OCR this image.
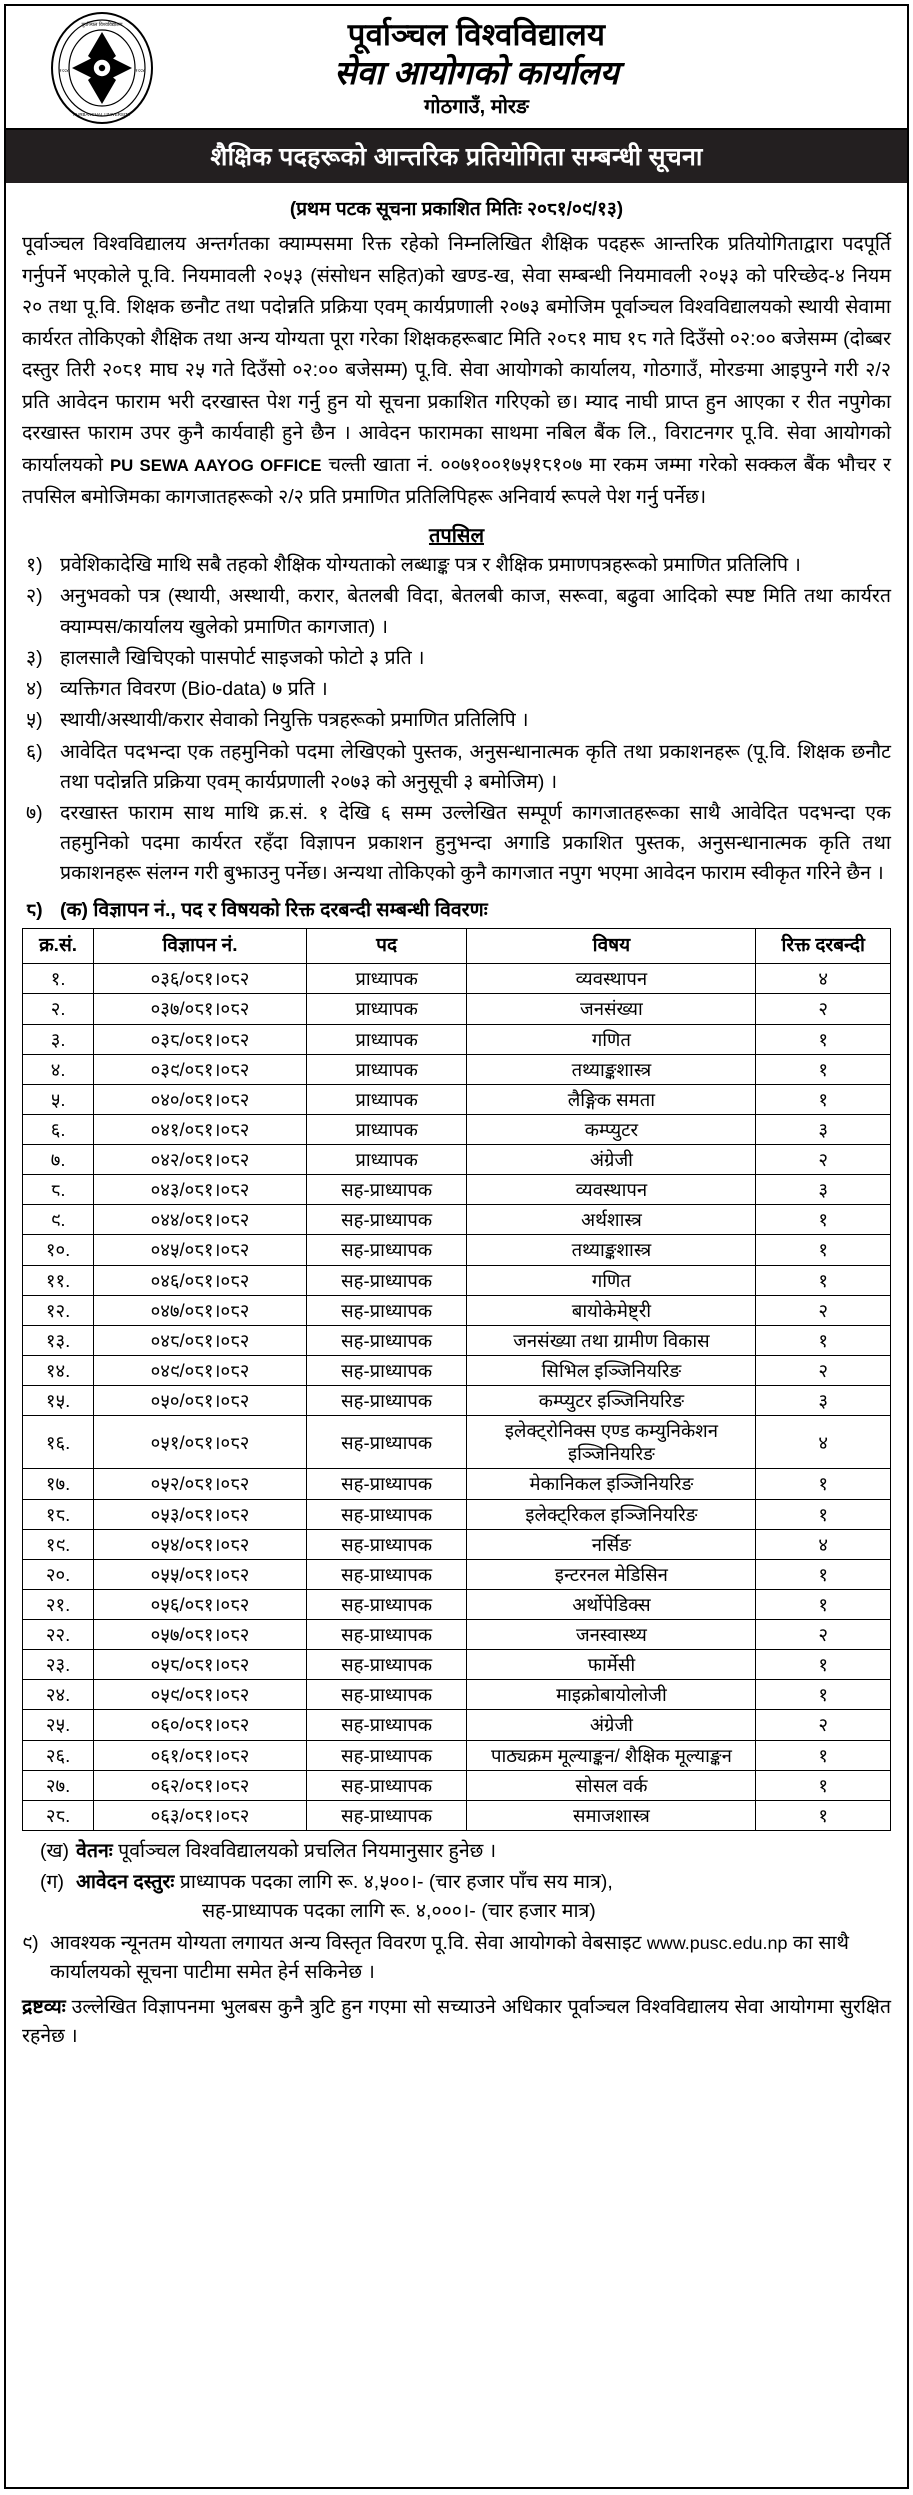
पूर्वाञ्चल विश्वविद्यालय
PURBANCHAL UNIVERSITY
१९९४	१९९४
पूर्वाञ्चल विश्वविद्यालय
सेवा आयोगको कार्यालय
गोठगाउँ, मोरङ
शैक्षिक पदहरूको आन्तरिक प्रतियोगिता सम्बन्धी सूचना
(प्रथम पटक सूचना प्रकाशित मितिः २०८१/०९/१३)

पूर्वाञ्चल विश्वविद्यालय अन्तर्गतका क्याम्पसमा रिक्त रहेको निम्नलिखित शैक्षिक पदहरू आन्तरिक प्रतियोगिताद्वारा पदपूर्ति गर्नुपर्ने भएकोले पू.वि. नियमावली २०५३ (संसोधन सहित)को खण्ड-ख, सेवा सम्बन्धी नियमावली २०५३ को परिच्छेद-४ नियम २० तथा पू.वि. शिक्षक छनौट तथा पदोन्नति प्रक्रिया एवम् कार्यप्रणाली २०७३ बमोजिम पूर्वाञ्चल विश्वविद्यालयको स्थायी सेवामा कार्यरत तोकिएको शैक्षिक तथा अन्य योग्यता पूरा गरेका शिक्षकहरूबाट मिति २०८१ माघ १८ गते दिउँसो ०२:०० बजेसम्म (दोब्बर दस्तुर तिरी २०८१ माघ २५ गते दिउँसो ०२:०० बजेसम्म) पू.वि. सेवा आयोगको कार्यालय, गोठगाउँ, मोरङमा आइपुग्ने गरी २/२ प्रति आवेदन फाराम भरी दरखास्त पेश गर्नु हुन यो सूचना प्रकाशित गरिएको छ। म्याद नाघी प्राप्त हुन आएका र रीत नपुगेका दरखास्त फाराम उपर कुनै कार्यवाही हुने छैन । आवेदन फारामका साथमा नबिल बैंक लि., विराटनगर पू.वि. सेवा आयोगको कार्यालयको PU SEWA AAYOG OFFICE चल्ती खाता नं. ००७१००१७५१८१०७ मा रकम जम्मा गरेको सक्कल बैंक भौचर र तपसिल बमोजिमका कागजातहरूको २/२ प्रति प्रमाणित प्रतिलिपिहरू अनिवार्य रूपले पेश गर्नु पर्नेछ।

तपसिल
१) प्रवेशिकादेखि माथि सबै तहको शैक्षिक योग्यताको लब्धाङ्क पत्र र शैक्षिक प्रमाणपत्रहरूको प्रमाणित प्रतिलिपि ।
२) अनुभवको पत्र (स्थायी, अस्थायी, करार, बेतलबी विदा, बेतलबी काज, सरूवा, बढुवा आदिको स्पष्ट मिति तथा कार्यरत क्याम्पस/कार्यालय खुलेको प्रमाणित कागजात) ।
३) हालसालै खिचिएको पासपोर्ट साइजको फोटो ३ प्रति ।
४) व्यक्तिगत विवरण (Bio-data) ७ प्रति ।
५) स्थायी/अस्थायी/करार सेवाको नियुक्ति पत्रहरूको प्रमाणित प्रतिलिपि ।
६) आवेदित पदभन्दा एक तहमुनिको पदमा लेखिएको पुस्तक, अनुसन्धानात्मक कृति तथा प्रकाशनहरू (पू.वि. शिक्षक छनौट तथा पदोन्नति प्रक्रिया एवम् कार्यप्रणाली २०७३ को अनुसूची ३ बमोजिम) ।
७) दरखास्त फाराम साथ माथि क्र.सं. १ देखि ६ सम्म उल्लेखित सम्पूर्ण कागजातहरूका साथै आवेदित पदभन्दा एक तहमुनिको पदमा कार्यरत रहँदा विज्ञापन प्रकाशन हुनुभन्दा अगाडि प्रकाशित पुस्तक, अनुसन्धानात्मक कृति तथा प्रकाशनहरू संलग्न गरी बुझाउनु पर्नेछ। अन्यथा तोकिएको कुनै कागजात नपुग भएमा आवेदन फाराम स्वीकृत गरिने छैन ।
८) (क) विज्ञापन नं., पद र विषयको रिक्त दरबन्दी सम्बन्धी विवरणः
क्र.सं.	विज्ञापन नं.	पद	विषय	रिक्त दरबन्दी
१.	०३६/०८१।०८२	प्राध्यापक	व्यवस्थापन	४
२.	०३७/०८१।०८२	प्राध्यापक	जनसंख्या	२
३.	०३८/०८१।०८२	प्राध्यापक	गणित	१
४.	०३९/०८१।०८२	प्राध्यापक	तथ्याङ्कशास्त्र	१
५.	०४०/०८१।०८२	प्राध्यापक	लैङ्गिक समता	१
६.	०४१/०८१।०८२	प्राध्यापक	कम्प्युटर	३
७.	०४२/०८१।०८२	प्राध्यापक	अंग्रेजी	२
८.	०४३/०८१।०८२	सह-प्राध्यापक	व्यवस्थापन	३
९.	०४४/०८१।०८२	सह-प्राध्यापक	अर्थशास्त्र	१
१०.	०४५/०८१।०८२	सह-प्राध्यापक	तथ्याङ्कशास्त्र	१
११.	०४६/०८१।०८२	सह-प्राध्यापक	गणित	१
१२.	०४७/०८१।०८२	सह-प्राध्यापक	बायोकेमेष्ट्री	२
१३.	०४८/०८१।०८२	सह-प्राध्यापक	जनसंख्या तथा ग्रामीण विकास	१
१४.	०४९/०८१।०८२	सह-प्राध्यापक	सिभिल इञ्जिनियरिङ	२
१५.	०५०/०८१।०८२	सह-प्राध्यापक	कम्प्युटर इञ्जिनियरिङ	३
१६.	०५१/०८१।०८२	सह-प्राध्यापक	इलेक्ट्रोनिक्स एण्ड कम्युनिकेशन इञ्जिनियरिङ	४
१७.	०५२/०८१।०८२	सह-प्राध्यापक	मेकानिकल इञ्जिनियरिङ	१
१८.	०५३/०८१।०८२	सह-प्राध्यापक	इलेक्ट्रिकल इञ्जिनियरिङ	१
१९.	०५४/०८१।०८२	सह-प्राध्यापक	नर्सिङ	४
२०.	०५५/०८१।०८२	सह-प्राध्यापक	इन्टरनल मेडिसिन	१
२१.	०५६/०८१।०८२	सह-प्राध्यापक	अर्थोपेडिक्स	१
२२.	०५७/०८१।०८२	सह-प्राध्यापक	जनस्वास्थ्य	२
२३.	०५८/०८१।०८२	सह-प्राध्यापक	फार्मेसी	१
२४.	०५९/०८१।०८२	सह-प्राध्यापक	माइक्रोबायोलोजी	१
२५.	०६०/०८१।०८२	सह-प्राध्यापक	अंग्रेजी	२
२६.	०६१/०८१।०८२	सह-प्राध्यापक	पाठ्यक्रम मूल्याङ्कन/ शैक्षिक मूल्याङ्कन	१
२७.	०६२/०८१।०८२	सह-प्राध्यापक	सोसल वर्क	१
२८.	०६३/०८१।०८२	सह-प्राध्यापक	समाजशास्त्र	१
(ख) वेतनः पूर्वाञ्चल विश्वविद्यालयको प्रचलित नियमानुसार हुनेछ ।
(ग) आवेदन दस्तुरः प्राध्यापक पदका लागि रू. ४,५००।- (चार हजार पाँच सय मात्र),
सह-प्राध्यापक पदका लागि रू. ४,०००।- (चार हजार मात्र)
९) आवश्यक न्यूनतम योग्यता लगायत अन्य विस्तृत विवरण पू.वि. सेवा आयोगको वेबसाइट www.pusc.edu.np का साथै कार्यालयको सूचना पाटीमा समेत हेर्न सकिनेछ ।
द्रष्टव्यः उल्लेखित विज्ञापनमा भुलबस कुनै त्रुटि हुन गएमा सो सच्याउने अधिकार पूर्वाञ्चल विश्वविद्यालय सेवा आयोगमा सुरक्षित रहनेछ ।
